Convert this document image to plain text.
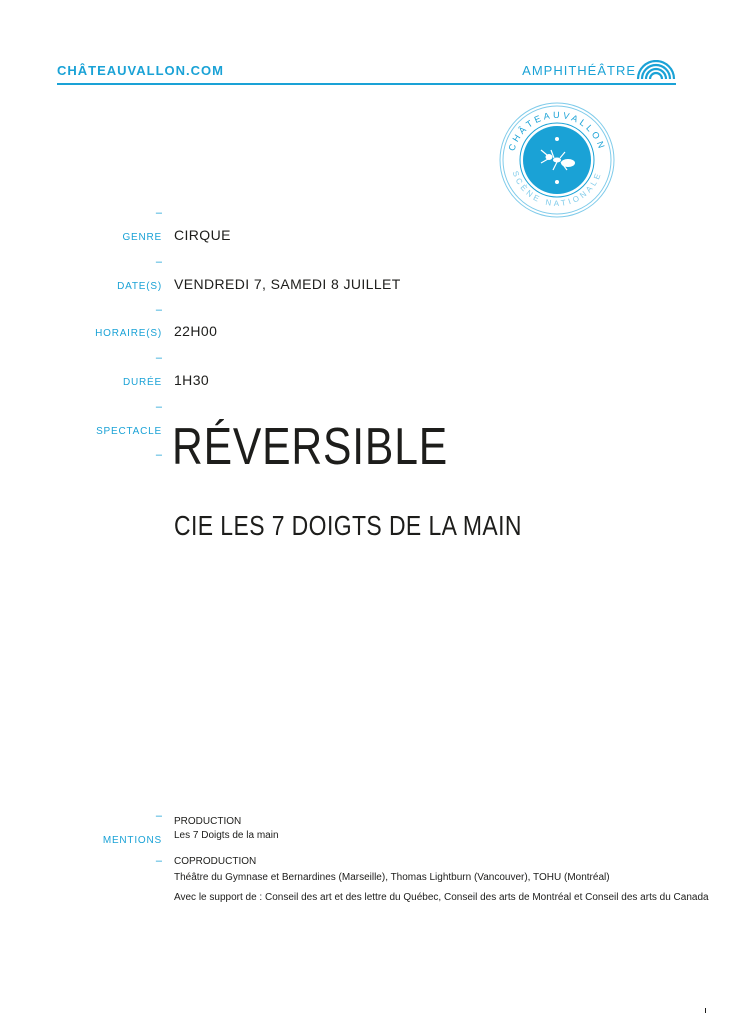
CHÂTEAUVALLON.COM	AMPHITHÉÂTRE
CHÂTEAUVALLON
SCÈNE NATIONALE
–
GENRE CIRQUE
–
DATE(S) VENDREDI 7, SAMEDI 8 JUILLET
–
HORAIRE(S) 22H00
–
DURÉE 1H30
–
SPECTACLE
– RÉVERSIBLE
CIE LES 7 DOIGTS DE LA MAIN
–
MENTIONS
–
PRODUCTION
Les 7 Doigts de la main
COPRODUCTION
Théâtre du Gymnase et Bernardines (Marseille), Thomas Lightburn (Vancouver), TOHU (Montréal)
Avec le support de : Conseil des art et des lettre du Québec, Conseil des arts de Montréal et Conseil des arts du Canada
